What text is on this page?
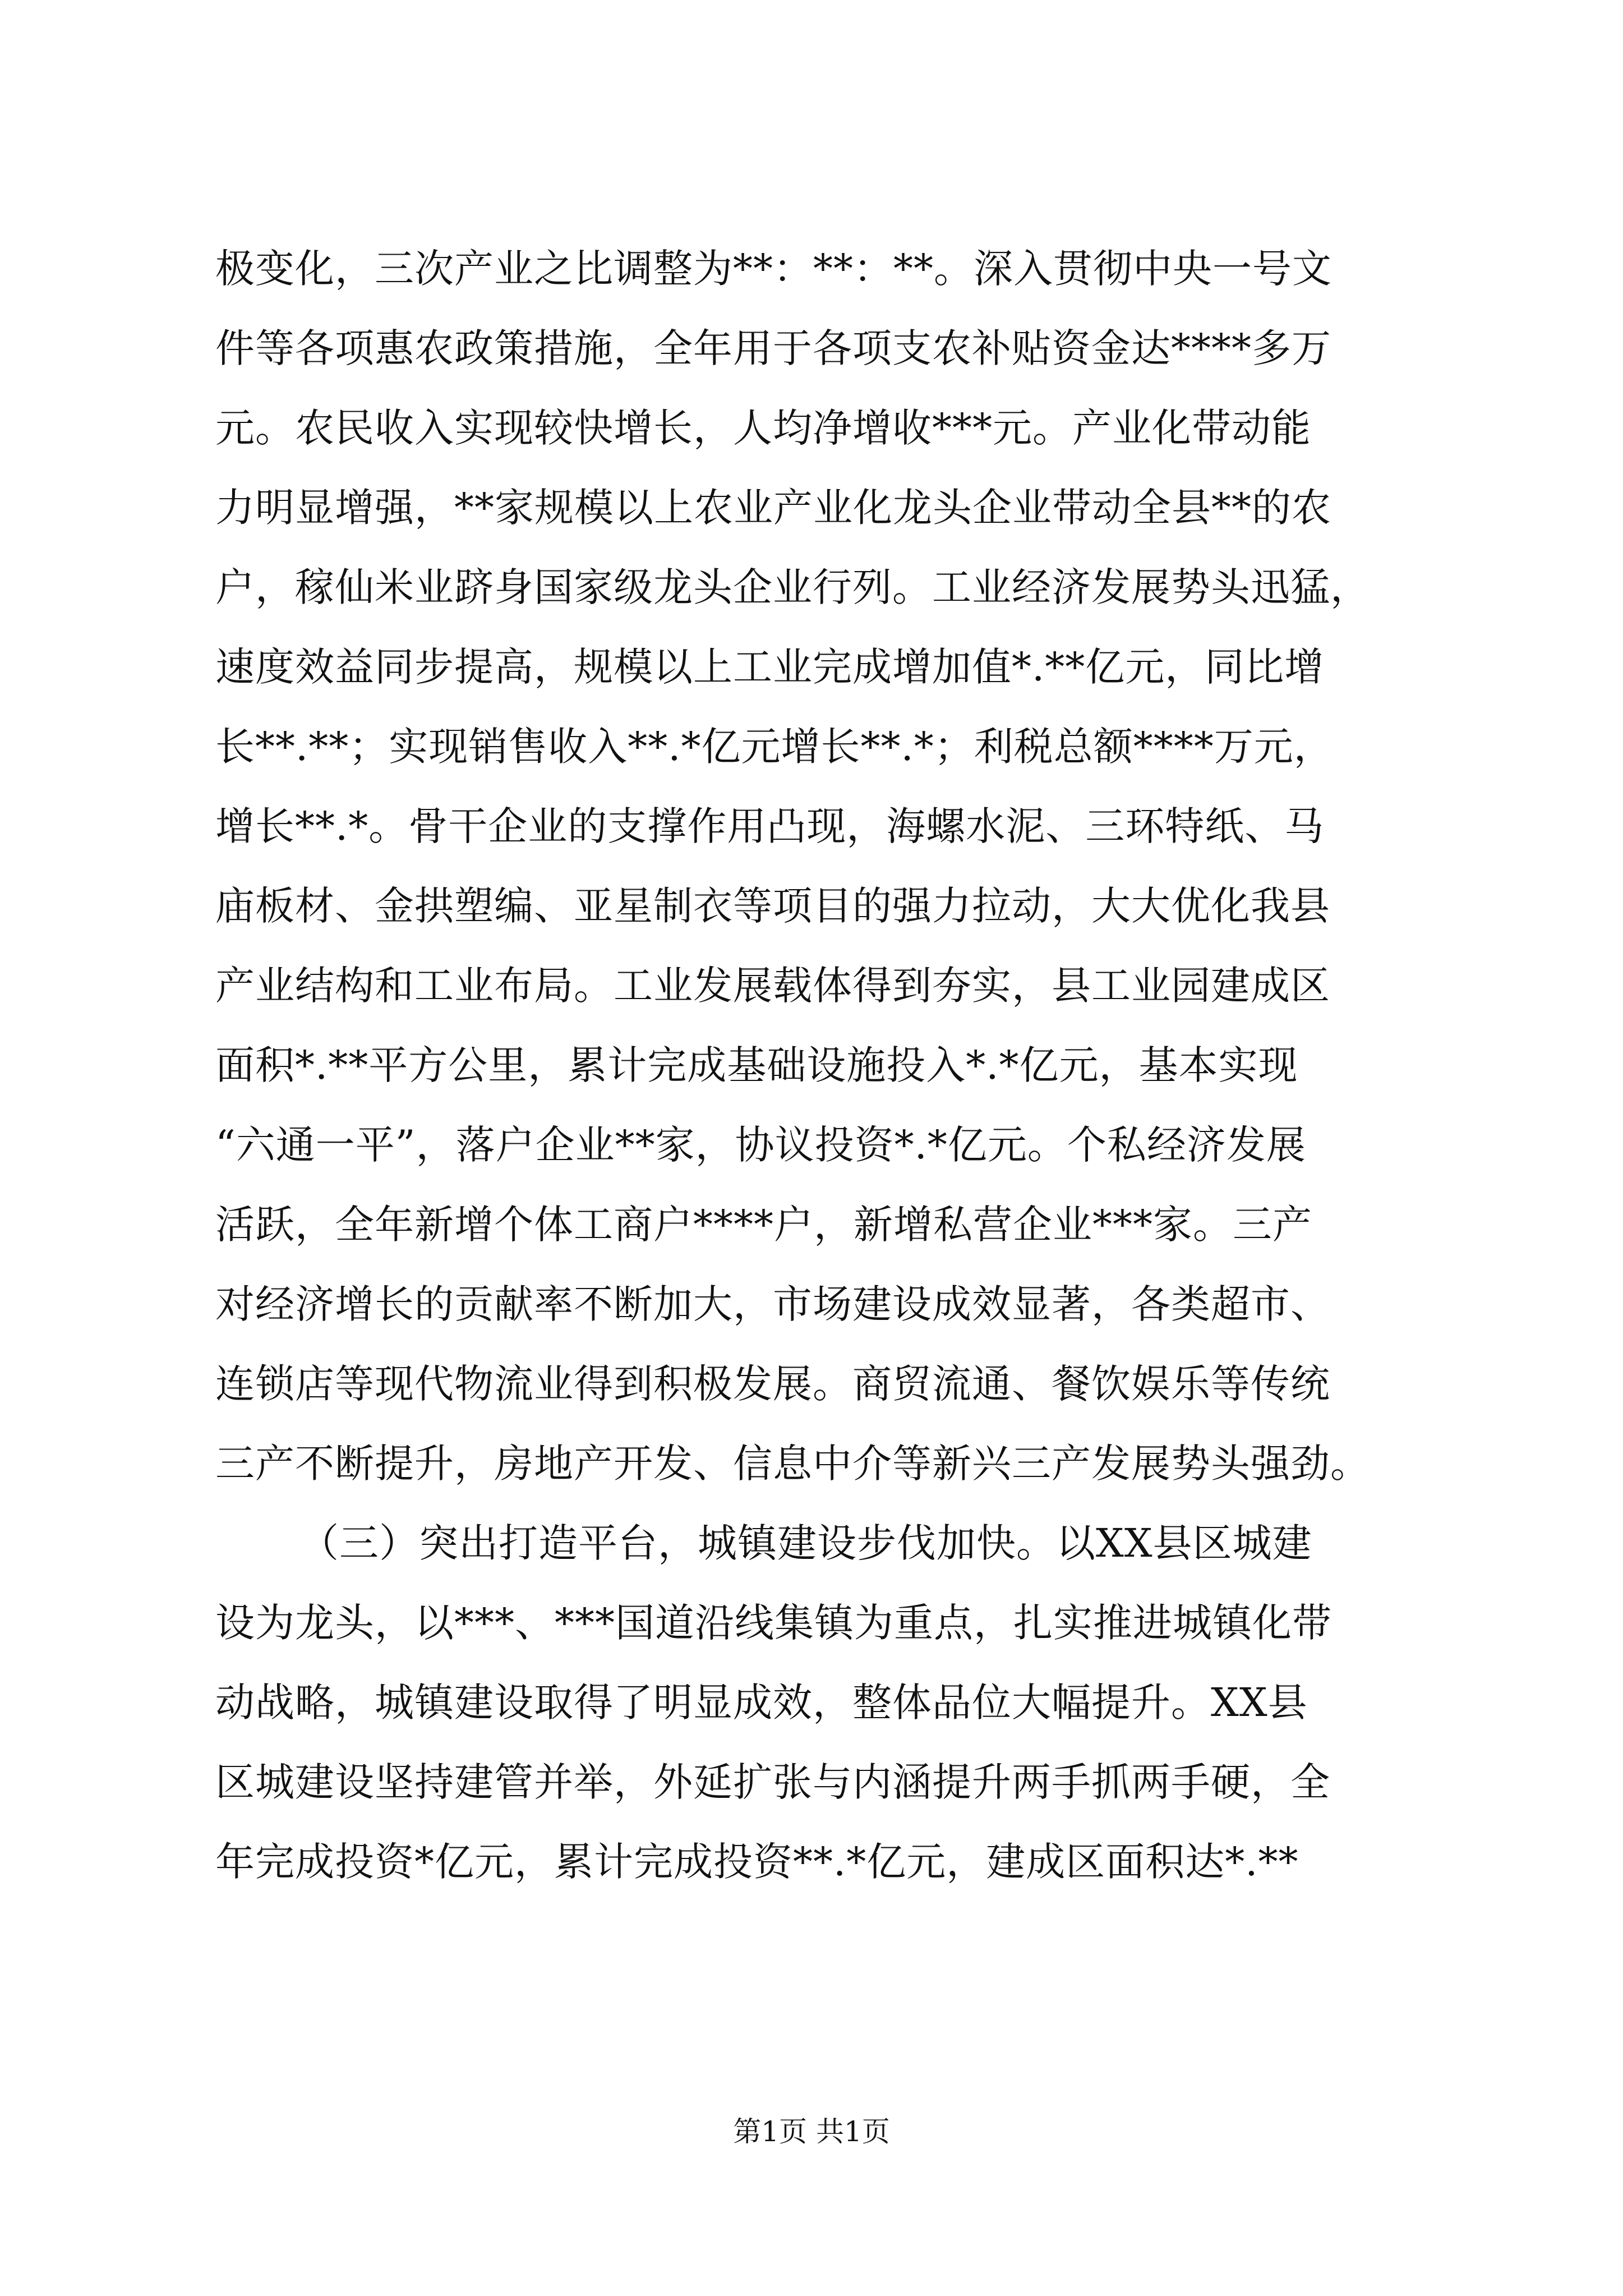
极变化，三次产业之比调整为**：**：**。深入贯彻中央一号文
件等各项惠农政策措施，全年用于各项支农补贴资金达****多万
元。农民收入实现较快增长，人均净增收***元。产业化带动能
力明显增强，**家规模以上农业产业化龙头企业带动全县**的农
户，稼仙米业跻身国家级龙头企业行列。工业经济发展势头迅猛，
速度效益同步提高，规模以上工业完成增加值*.**亿元，同比增
长**.**；实现销售收入**.*亿元增长**.*；利税总额****万元，
增长**.*。骨干企业的支撑作用凸现，海螺水泥、三环特纸、马
庙板材、金拱塑编、亚星制衣等项目的强力拉动，大大优化我县
产业结构和工业布局。工业发展载体得到夯实，县工业园建成区
面积*.**平方公里，累计完成基础设施投入*.*亿元，基本实现
“六通一平”，落户企业**家，协议投资*.*亿元。个私经济发展
活跃，全年新增个体工商户****户，新增私营企业***家。三产
对经济增长的贡献率不断加大，市场建设成效显著，各类超市、
连锁店等现代物流业得到积极发展。商贸流通、餐饮娱乐等传统
三产不断提升，房地产开发、信息中介等新兴三产发展势头强劲。
（三）突出打造平台，城镇建设步伐加快。以XX县区城建
设为龙头，以***、***国道沿线集镇为重点，扎实推进城镇化带
动战略，城镇建设取得了明显成效，整体品位大幅提升。XX县
区城建设坚持建管并举，外延扩张与内涵提升两手抓两手硬，全
年完成投资*亿元，累计完成投资**.*亿元，建成区面积达*.**
第1页 共1页
